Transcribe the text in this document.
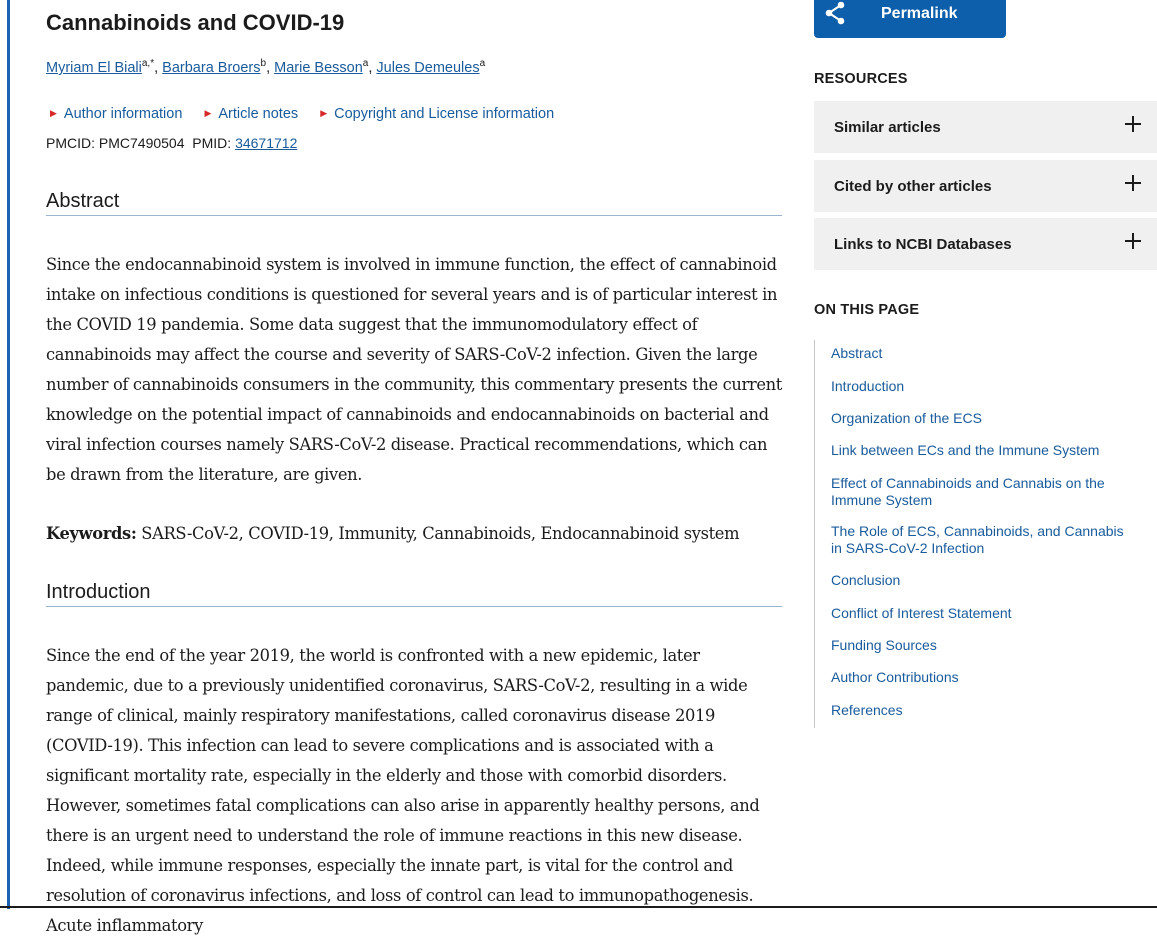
Cannabinoids and COVID-19
Myriam El Biali$^{a,*}$, Barbara Broers$^b$, Marie Besson$^a$, Jules Demeules$^a$
▶ Author information
▶ Article notes
▶ Copyright and License information
PMCID: PMC7490504 PMID: 34671712
Abstract

Since the endocannabinoid system is involved in immune function, the effect of cannabinoid intake on infectious conditions is questioned for several years and is of particular interest in the COVID 19 pandemia. Some data suggest that the immunomodulatory effect of cannabinoids may affect the course and severity of SARS-CoV-2 infection. Given the large number of cannabinoids consumers in the community, this commentary presents the current knowledge on the potential impact of cannabinoids and endocannabinoids on bacterial and viral infection courses namely SARS-CoV-2 disease. Practical recommendations, which can be drawn from the literature, are given.

Keywords: SARS-CoV-2, COVID-19, Immunity, Cannabinoids, Endocannabinoid system
Introduction

Since the end of the year 2019, the world is confronted with a new epidemic, later pandemic, due to a previously unidentified coronavirus, SARS-CoV-2, resulting in a wide range of clinical, mainly respiratory manifestations, called coronavirus disease 2019 (COVID-19). This infection can lead to severe complications and is associated with a significant mortality rate, especially in the elderly and those with comorbid disorders. However, sometimes fatal complications can also arise in apparently healthy persons, and there is an urgent need to understand the role of immune reactions in this new disease. Indeed, while immune responses, especially the innate part, is vital for the control and resolution of coronavirus infections, and loss of control can lead to immunopathogenesis. Acute inflammatory

Permalink
RESOURCES
Similar articles
Cited by other articles
Links to NCBI Databases
ON THIS PAGE
Abstract
Introduction
Organization of the ECS
Link between ECs and the Immune System
Effect of Cannabinoids and Cannabis on the Immune System
The Role of ECS, Cannabinoids, and Cannabis in SARS-CoV-2 Infection
Conclusion
Conflict of Interest Statement
Funding Sources
Author Contributions
References
